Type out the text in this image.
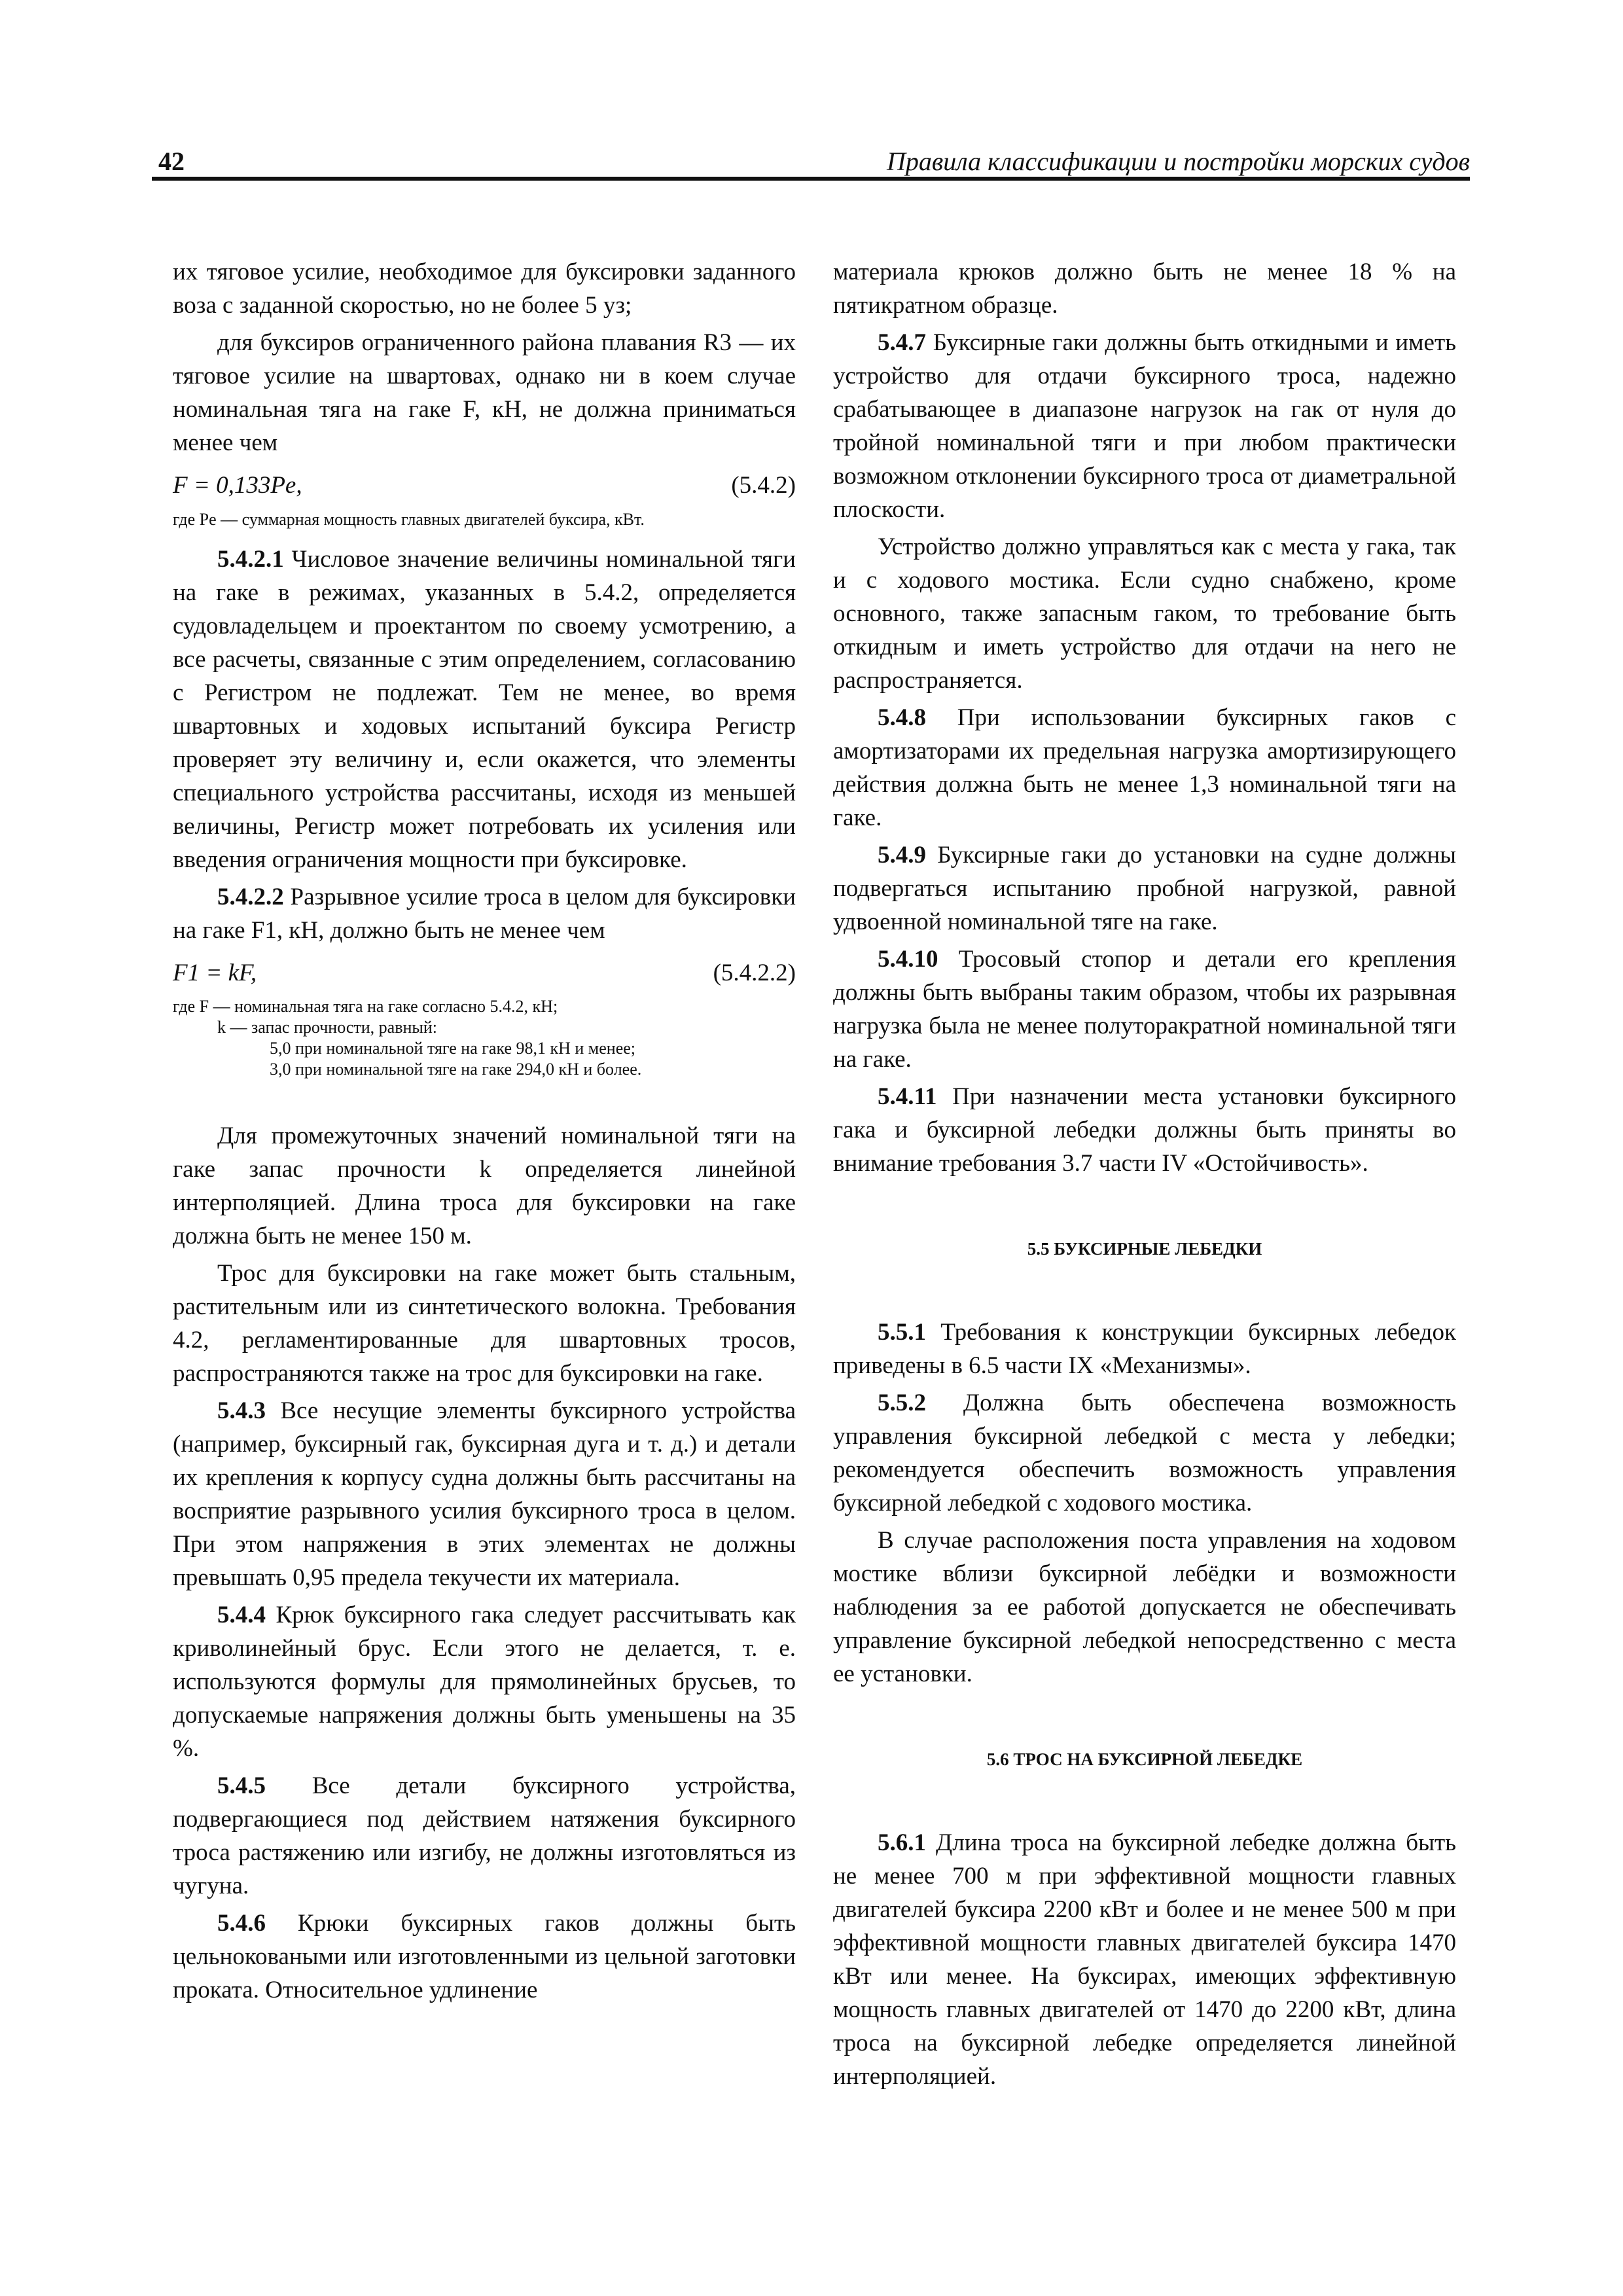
42	Правила классификации и постройки морских судов

их тяговое усилие, необходимое для буксировки заданного воза с заданной скоростью, но не более 5 уз;

для буксиров ограниченного района плавания R3 — их тяговое усилие на швартовах, однако ни в коем случае номинальная тяга на гаке F, кН, не должна приниматься менее чем

F = 0,133Pe,	(5.4.2)

где Pe — суммарная мощность главных двигателей буксира, кВт.

5.4.2.1 Числовое значение величины номинальной тяги на гаке в режимах, указанных в 5.4.2, определяется судовладельцем и проектантом по своему усмотрению, а все расчеты, связанные с этим определением, согласованию с Регистром не подлежат. Тем не менее, во время швартовных и ходовых испытаний буксира Регистр проверяет эту величину и, если окажется, что элементы специального устройства рассчитаны, исходя из меньшей величины, Регистр может потребовать их усиления или введения ограничения мощности при буксировке.

5.4.2.2 Разрывное усилие троса в целом для буксировки на гаке F1, кН, должно быть не менее чем

F1 = kF,	(5.4.2.2)
где F — номинальная тяга на гаке согласно 5.4.2, кН;
k — запас прочности, равный:
5,0 при номинальной тяге на гаке 98,1 кН и менее;
3,0 при номинальной тяге на гаке 294,0 кН и более.

Для промежуточных значений номинальной тяги на гаке запас прочности k определяется линейной интерполяцией. Длина троса для буксировки на гаке должна быть не менее 150 м.

Трос для буксировки на гаке может быть стальным, растительным или из синтетического волокна. Требования 4.2, регламентированные для швартовных тросов, распространяются также на трос для буксировки на гаке.

5.4.3 Все несущие элементы буксирного устройства (например, буксирный гак, буксирная дуга и т. д.) и детали их крепления к корпусу судна должны быть рассчитаны на восприятие разрывного усилия буксирного троса в целом. При этом напряжения в этих элементах не должны превышать 0,95 предела текучести их материала.

5.4.4 Крюк буксирного гака следует рассчитывать как криволинейный брус. Если этого не делается, т. е. используются формулы для прямолинейных брусьев, то допускаемые напряжения должны быть уменьшены на 35 %.

5.4.5 Все детали буксирного устройства, подвергающиеся под действием натяжения буксирного троса растяжению или изгибу, не должны изготовляться из чугуна.

5.4.6 Крюки буксирных гаков должны быть цельноковаными или изготовленными из цельной заготовки проката. Относительное удлинение

материала крюков должно быть не менее 18 % на пятикратном образце.

5.4.7 Буксирные гаки должны быть откидными и иметь устройство для отдачи буксирного троса, надежно срабатывающее в диапазоне нагрузок на гак от нуля до тройной номинальной тяги и при любом практически возможном отклонении буксирного троса от диаметральной плоскости.

Устройство должно управляться как с места у гака, так и с ходового мостика. Если судно снабжено, кроме основного, также запасным гаком, то требование быть откидным и иметь устройство для отдачи на него не распространяется.

5.4.8 При использовании буксирных гаков с амортизаторами их предельная нагрузка амортизирующего действия должна быть не менее 1,3 номинальной тяги на гаке.

5.4.9 Буксирные гаки до установки на судне должны подвергаться испытанию пробной нагрузкой, равной удвоенной номинальной тяге на гаке.

5.4.10 Тросовый стопор и детали его крепления должны быть выбраны таким образом, чтобы их разрывная нагрузка была не менее полуторакратной номинальной тяги на гаке.

5.4.11 При назначении места установки буксирного гака и буксирной лебедки должны быть приняты во внимание требования 3.7 части IV «Остойчивость».

5.5 БУКСИРНЫЕ ЛЕБЕДКИ

5.5.1 Требования к конструкции буксирных лебедок приведены в 6.5 части IX «Механизмы».

5.5.2 Должна быть обеспечена возможность управления буксирной лебедкой с места у лебедки; рекомендуется обеспечить возможность управления буксирной лебедкой с ходового мостика.

В случае расположения поста управления на ходовом мостике вблизи буксирной лебёдки и возможности наблюдения за ее работой допускается не обеспечивать управление буксирной лебедкой непосредственно с места ее установки.

5.6 ТРОС НА БУКСИРНОЙ ЛЕБЕДКЕ

5.6.1 Длина троса на буксирной лебедке должна быть не менее 700 м при эффективной мощности главных двигателей буксира 2200 кВт и более и не менее 500 м при эффективной мощности главных двигателей буксира 1470 кВт или менее. На буксирах, имеющих эффективную мощность главных двигателей от 1470 до 2200 кВт, длина троса на буксирной лебедке определяется линейной интерполяцией.
